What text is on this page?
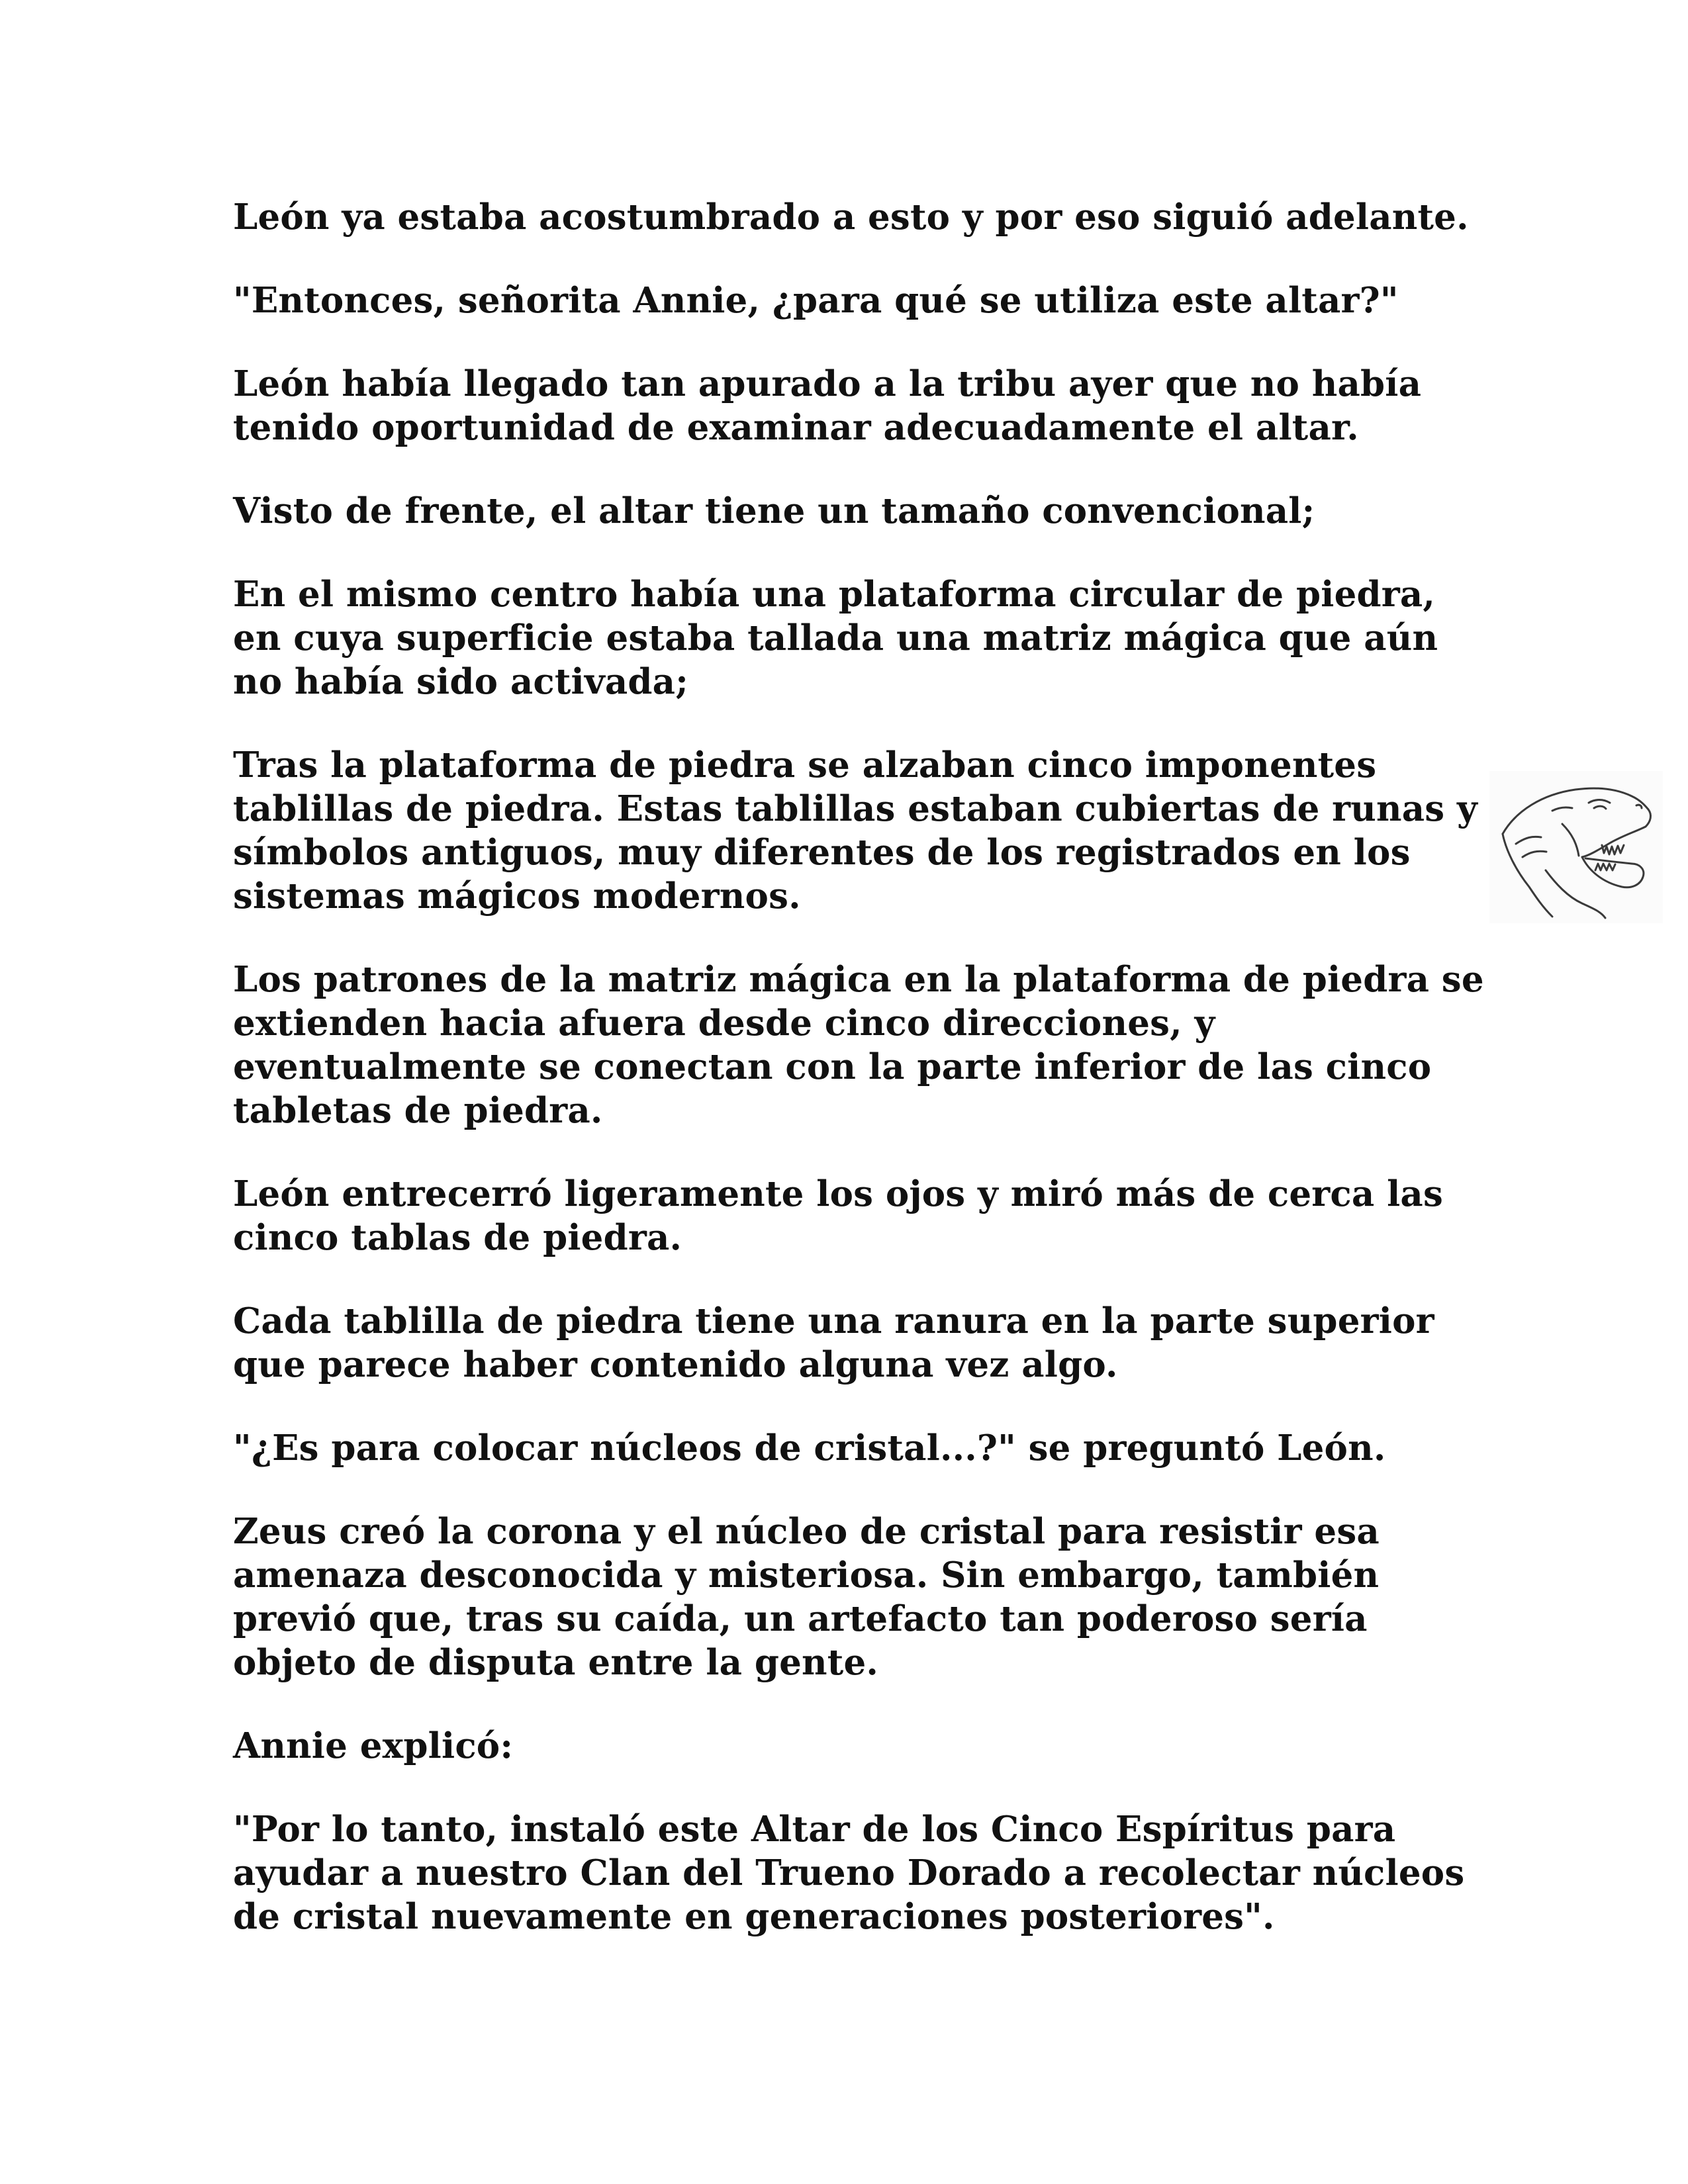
León ya estaba acostumbrado a esto y por eso siguió adelante.

"Entonces, señorita Annie, ¿para qué se utiliza este altar?"

León había llegado tan apurado a la tribu ayer que no había
tenido oportunidad de examinar adecuadamente el altar.

Visto de frente, el altar tiene un tamaño convencional;

En el mismo centro había una plataforma circular de piedra,
en cuya superficie estaba tallada una matriz mágica que aún
no había sido activada;

Tras la plataforma de piedra se alzaban cinco imponentes
tablillas de piedra. Estas tablillas estaban cubiertas de runas y
símbolos antiguos, muy diferentes de los registrados en los
sistemas mágicos modernos.

Los patrones de la matriz mágica en la plataforma de piedra se
extienden hacia afuera desde cinco direcciones, y
eventualmente se conectan con la parte inferior de las cinco
tabletas de piedra.

León entrecerró ligeramente los ojos y miró más de cerca las
cinco tablas de piedra.

Cada tablilla de piedra tiene una ranura en la parte superior
que parece haber contenido alguna vez algo.

"¿Es para colocar núcleos de cristal...?" se preguntó León.

Zeus creó la corona y el núcleo de cristal para resistir esa
amenaza desconocida y misteriosa. Sin embargo, también
previó que, tras su caída, un artefacto tan poderoso sería
objeto de disputa entre la gente.

Annie explicó:

"Por lo tanto, instaló este Altar de los Cinco Espíritus para
ayudar a nuestro Clan del Trueno Dorado a recolectar núcleos
de cristal nuevamente en generaciones posteriores".
